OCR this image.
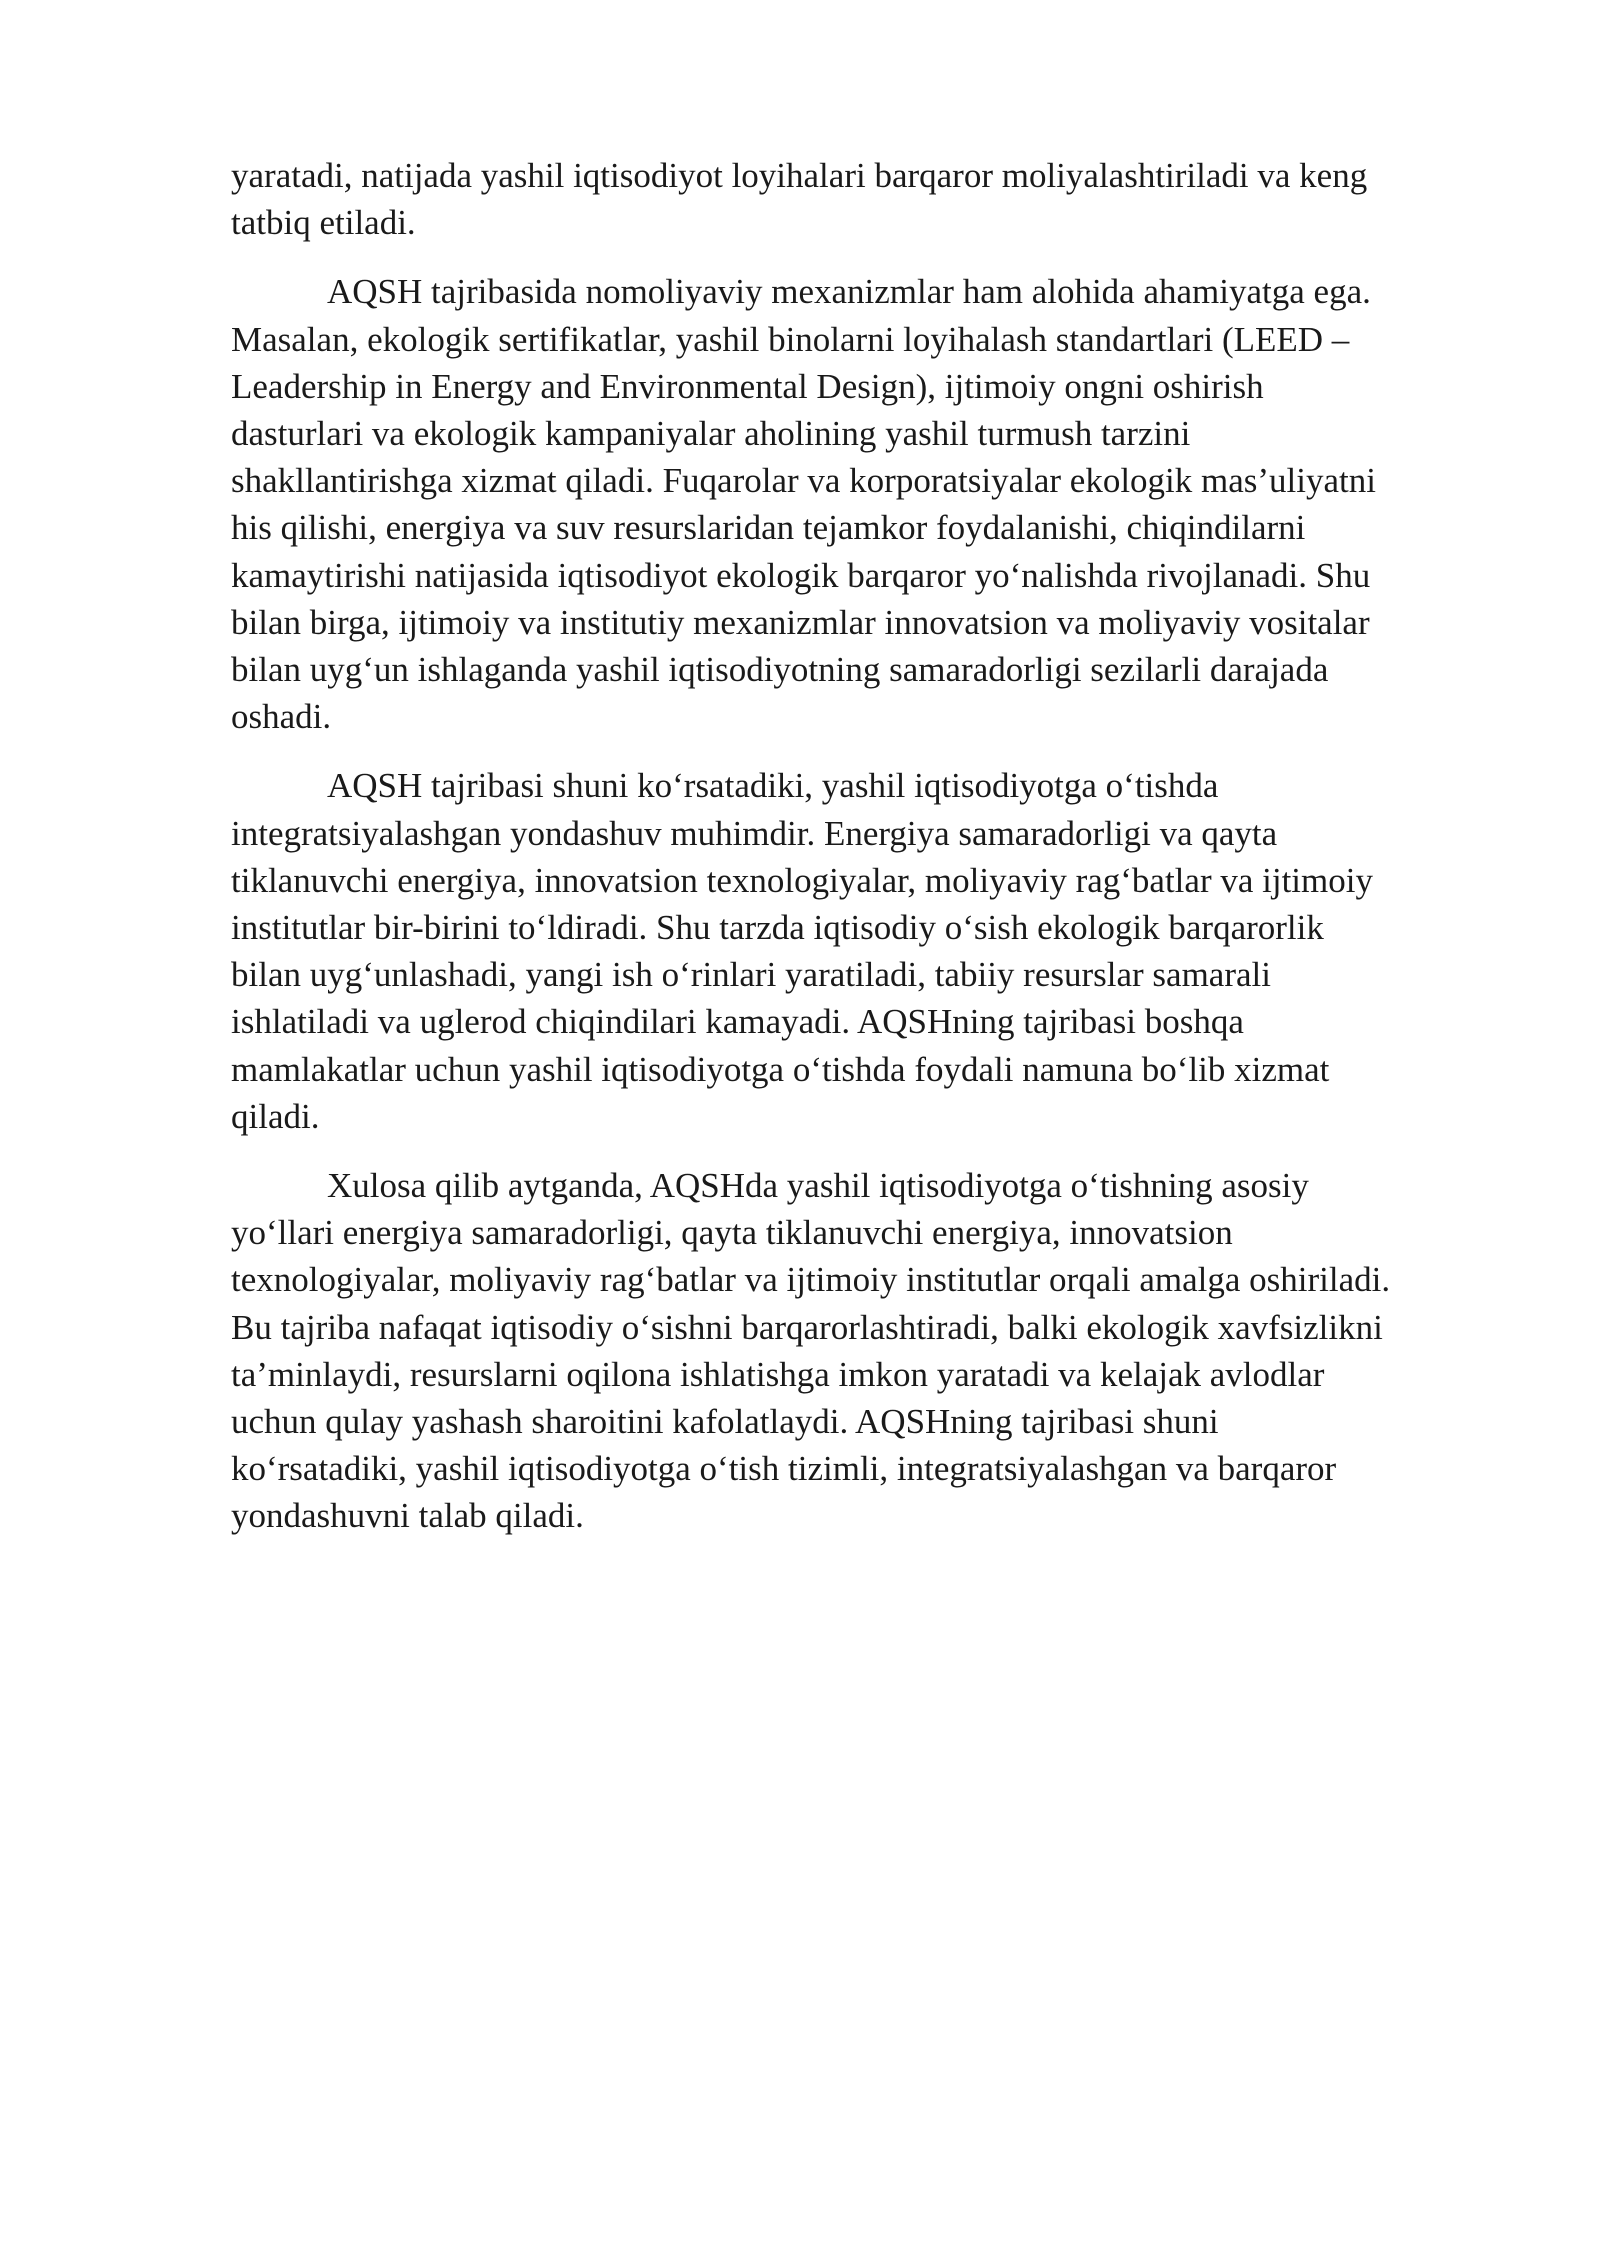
yaratadi, natijada yashil iqtisodiyot loyihalari barqaror moliyalashtiriladi va keng
tatbiq etiladi.

AQSH tajribasida nomoliyaviy mexanizmlar ham alohida ahamiyatga ega.
Masalan, ekologik sertifikatlar, yashil binolarni loyihalash standartlari (LEED –
Leadership in Energy and Environmental Design), ijtimoiy ongni oshirish
dasturlari va ekologik kampaniyalar aholining yashil turmush tarzini
shakllantirishga xizmat qiladi. Fuqarolar va korporatsiyalar ekologik mas’uliyatni
his qilishi, energiya va suv resurslaridan tejamkor foydalanishi, chiqindilarni
kamaytirishi natijasida iqtisodiyot ekologik barqaror yo‘nalishda rivojlanadi. Shu
bilan birga, ijtimoiy va institutiy mexanizmlar innovatsion va moliyaviy vositalar
bilan uyg‘un ishlaganda yashil iqtisodiyotning samaradorligi sezilarli darajada
oshadi.

AQSH tajribasi shuni ko‘rsatadiki, yashil iqtisodiyotga o‘tishda
integratsiyalashgan yondashuv muhimdir. Energiya samaradorligi va qayta
tiklanuvchi energiya, innovatsion texnologiyalar, moliyaviy rag‘batlar va ijtimoiy
institutlar bir-birini to‘ldiradi. Shu tarzda iqtisodiy o‘sish ekologik barqarorlik
bilan uyg‘unlashadi, yangi ish o‘rinlari yaratiladi, tabiiy resurslar samarali
ishlatiladi va uglerod chiqindilari kamayadi. AQSHning tajribasi boshqa
mamlakatlar uchun yashil iqtisodiyotga o‘tishda foydali namuna bo‘lib xizmat
qiladi.

Xulosa qilib aytganda, AQSHda yashil iqtisodiyotga o‘tishning asosiy
yo‘llari energiya samaradorligi, qayta tiklanuvchi energiya, innovatsion
texnologiyalar, moliyaviy rag‘batlar va ijtimoiy institutlar orqali amalga oshiriladi.
Bu tajriba nafaqat iqtisodiy o‘sishni barqarorlashtiradi, balki ekologik xavfsizlikni
ta’minlaydi, resurslarni oqilona ishlatishga imkon yaratadi va kelajak avlodlar
uchun qulay yashash sharoitini kafolatlaydi. AQSHning tajribasi shuni
ko‘rsatadiki, yashil iqtisodiyotga o‘tish tizimli, integratsiyalashgan va barqaror
yondashuvni talab qiladi.
